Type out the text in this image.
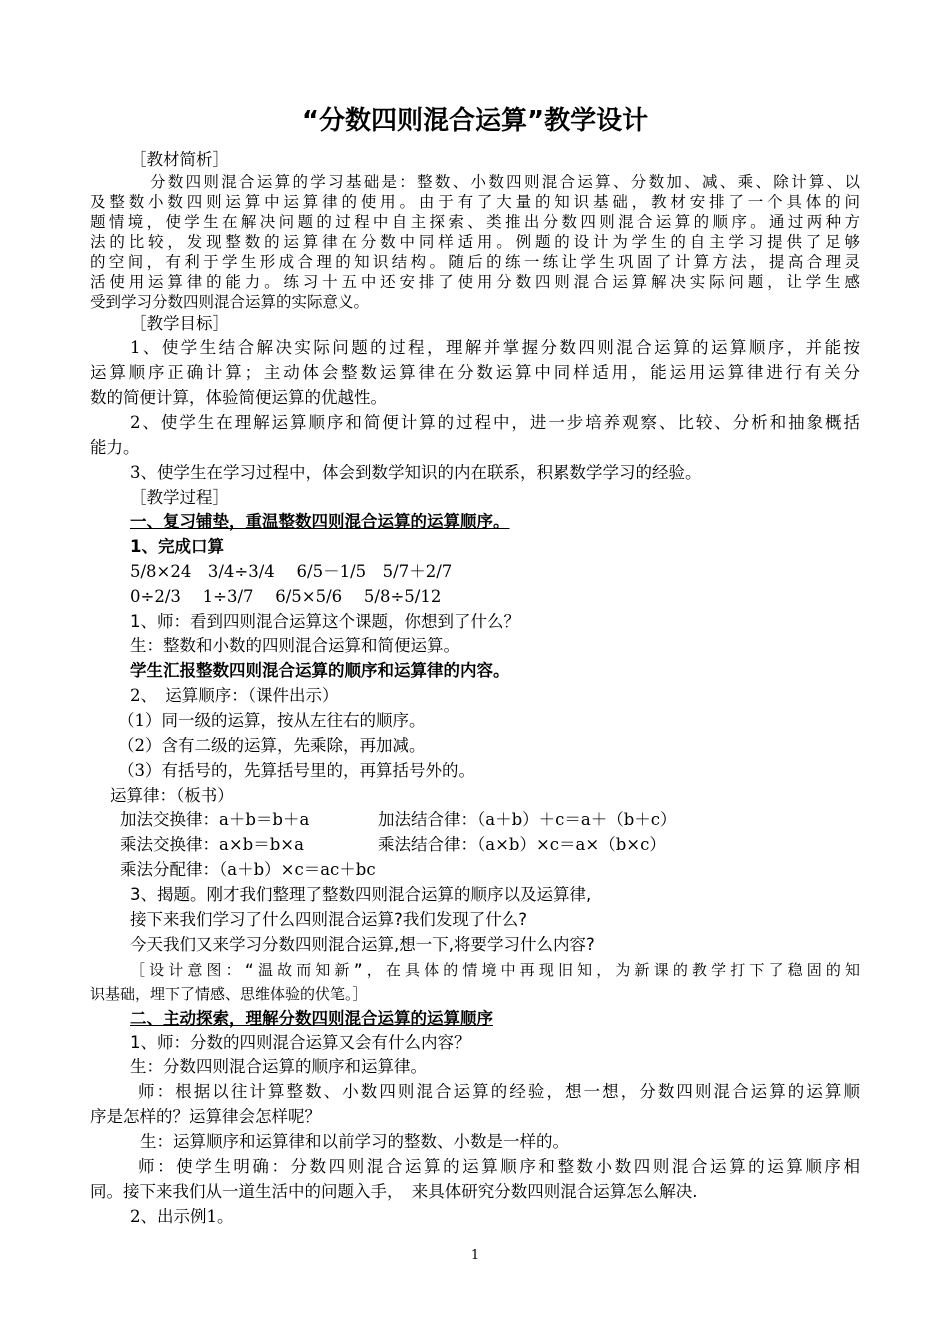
“分数四则混合运算”教学设计
［教材简析］
分数四则混合运算的学习基础是：整数、小数四则混合运算、分数加、减、乘、除计算、以
及整数小数四则运算中运算律的使用。由于有了大量的知识基础，教材安排了一个具体的问
题情境，使学生在解决问题的过程中自主探索、类推出分数四则混合运算的顺序。通过两种方
法的比较，发现整数的运算律在分数中同样适用。例题的设计为学生的自主学习提供了足够
的空间，有利于学生形成合理的知识结构。随后的练一练让学生巩固了计算方法，提高合理灵
活使用运算律的能力。练习十五中还安排了使用分数四则混合运算解决实际问题，让学生感
受到学习分数四则混合运算的实际意义。
［教学目标］
1、使学生结合解决实际问题的过程，理解并掌握分数四则混合运算的运算顺序，并能按
运算顺序正确计算；主动体会整数运算律在分数运算中同样适用，能运用运算律进行有关分
数的简便计算，体验简便运算的优越性。
2、使学生在理解运算顺序和简便计算的过程中，进一步培养观察、比较、分析和抽象概括
能力。
3、使学生在学习过程中，体会到数学知识的内在联系，积累数学学习的经验。
［教学过程］
一、复习铺垫，重温整数四则混合运算的运算顺序。
1、完成口算
5/8×24　3/4÷3/4　 6/5－1/5　5/7＋2/7
0÷2/3　 1÷3/7　 6/5×5/6　 5/8÷5/12
1、师：看到四则混合运算这个课题，你想到了什么？
生：整数和小数的四则混合运算和简便运算。
学生汇报整数四则混合运算的顺序和运算律的内容。
2、　运算顺序：（课件出示）
（1）同一级的运算，按从左往右的顺序。
（2）含有二级的运算，先乘除，再加减。
（3）有括号的，先算括号里的，再算括号外的。
运算律：（板书）
加法交换律：a＋b＝b＋a	加法结合律：（a＋b）＋c＝a＋（b＋c）
乘法交换律：a×b＝b×a	乘法结合律：（a×b）×c＝a×（b×c）
乘法分配律：（a＋b）×c＝ac＋bc
3、揭题。刚才我们整理了整数四则混合运算的顺序以及运算律,
接下来我们学习了什么四则混合运算?我们发现了什么?
今天我们又来学习分数四则混合运算,想一下,将要学习什么内容?
［设计意图：“温故而知新”，在具体的情境中再现旧知，为新课的教学打下了稳固的知
识基础，埋下了情感、思维体验的伏笔。］
二、主动探索，理解分数四则混合运算的运算顺序
1、师：分数的四则混合运算又会有什么内容？
生：分数四则混合运算的顺序和运算律。
师：根据以往计算整数、小数四则混合运算的经验，想一想，分数四则混合运算的运算顺
序是怎样的？运算律会怎样呢？
生：运算顺序和运算律和以前学习的整数、小数是一样的。
师：使学生明确：分数四则混合运算的运算顺序和整数小数四则混合运算的运算顺序相
同。接下来我们从一道生活中的问题入手，　来具体研究分数四则混合运算怎么解决.
2、出示例1。
1
